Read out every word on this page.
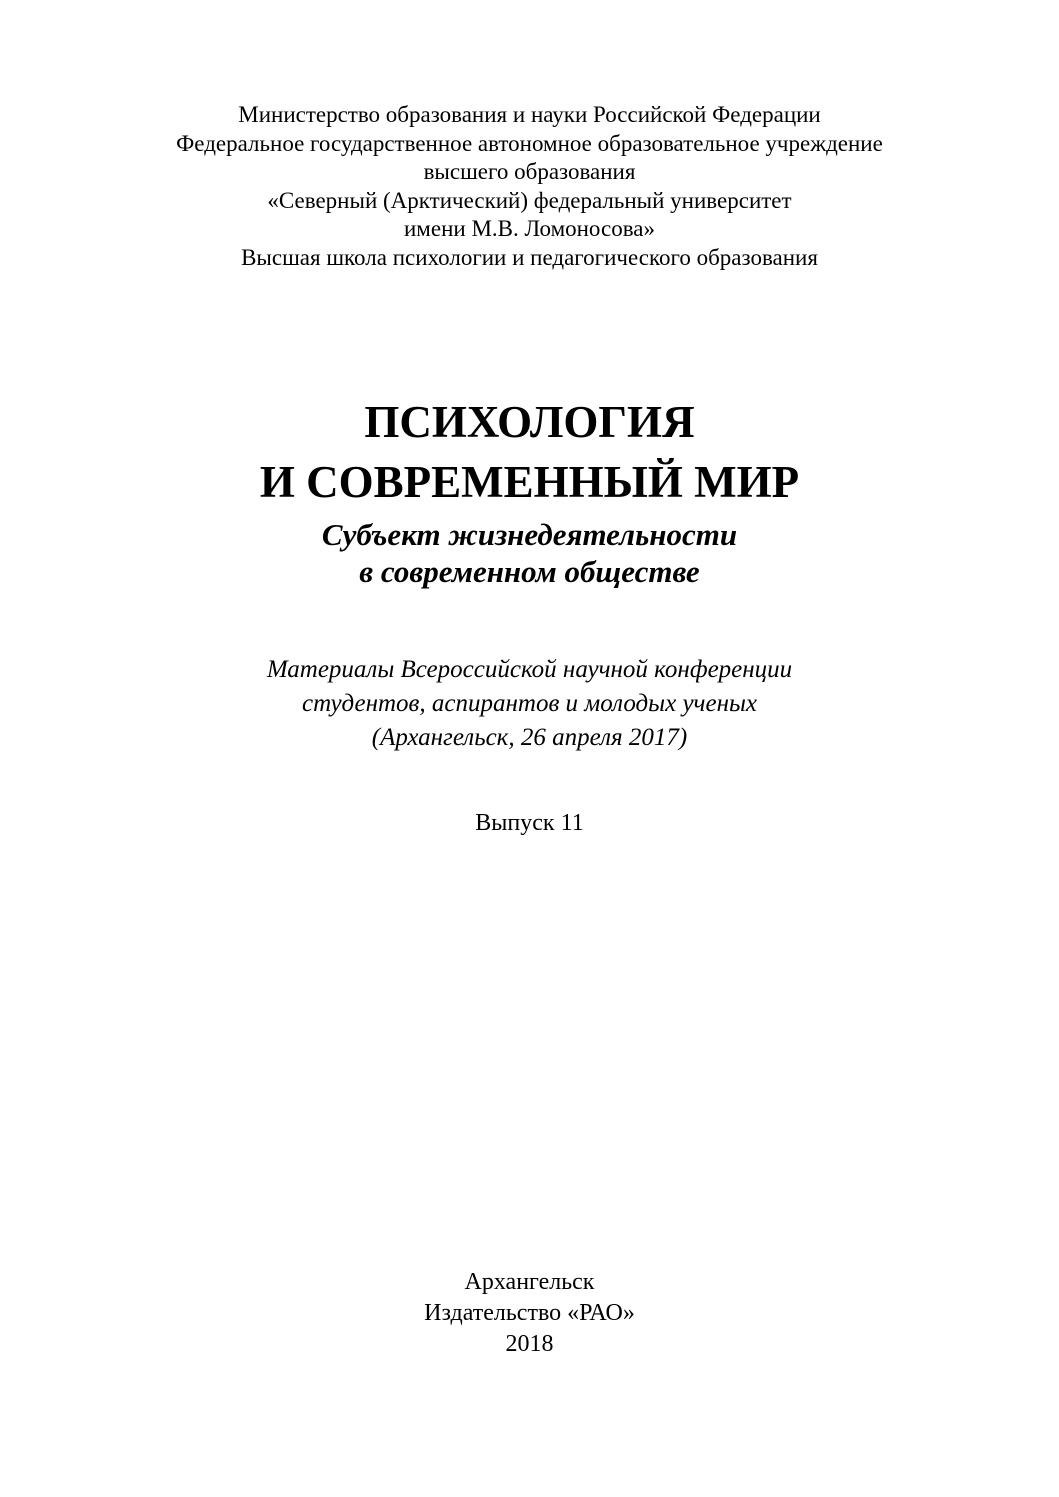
Министерство образования и науки Российской Федерации
Федеральное государственное автономное образовательное учреждение
высшего образования
«Северный (Арктический) федеральный университет
имени М.В. Ломоносова»
Высшая школа психологии и педагогического образования
ПСИХОЛОГИЯ
И СОВРЕМЕННЫЙ МИР
Субъект жизнедеятельности
в современном обществе
Материалы Всероссийской научной конференции
студентов, аспирантов и молодых ученых
(Архангельск, 26 апреля 2017)
Выпуск 11
Архангельск
Издательство «РАО»
2018
